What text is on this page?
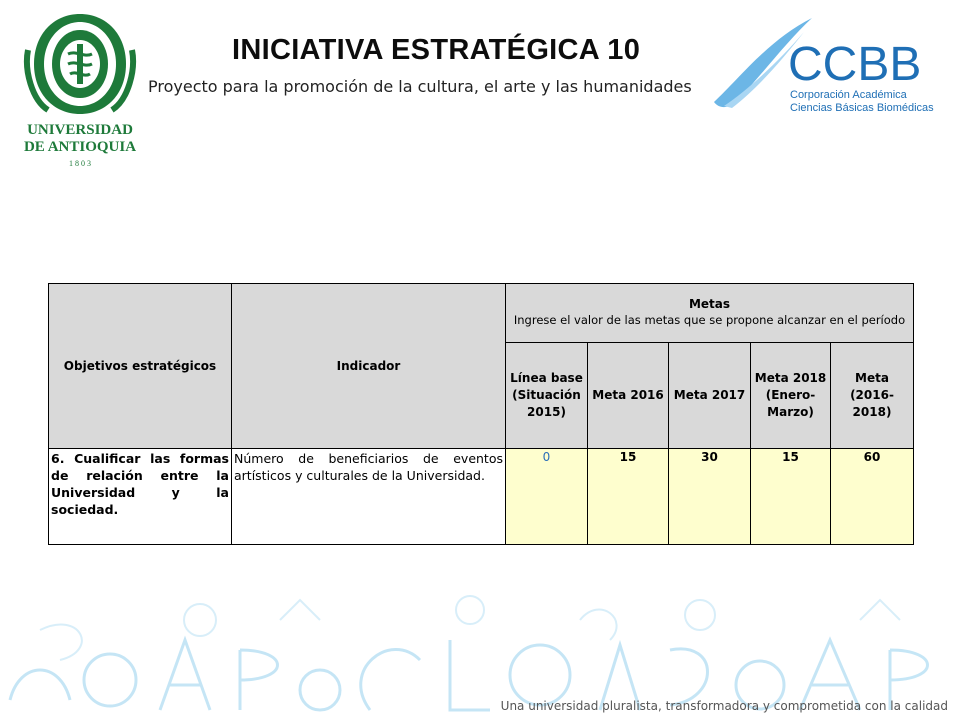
UNIVERSIDAD
DE ANTIOQUIA
1 8 0 3
INICIATIVA ESTRATÉGICA 10

Proyecto para la promoción de la cultura, el arte y las humanidades CCBB
Corporación Académica
Ciencias Básicas Biomédicas
Objetivos estratégicos	Indicador	Metas
Ingrese el valor de las metas que se propone alcanzar en el período				

		Línea base (Situación 2015)	Meta 2016	Meta 2017	Meta 2018 (Enero-Marzo)	Meta (2016-2018)
6. Cualificar las formas de relación entre la Universidad y la sociedad.	Número de beneficiarios de eventos artísticos y culturales de la Universidad.	0	15	30	15	60

Una universidad pluralista, transformadora y comprometida con la calidad
